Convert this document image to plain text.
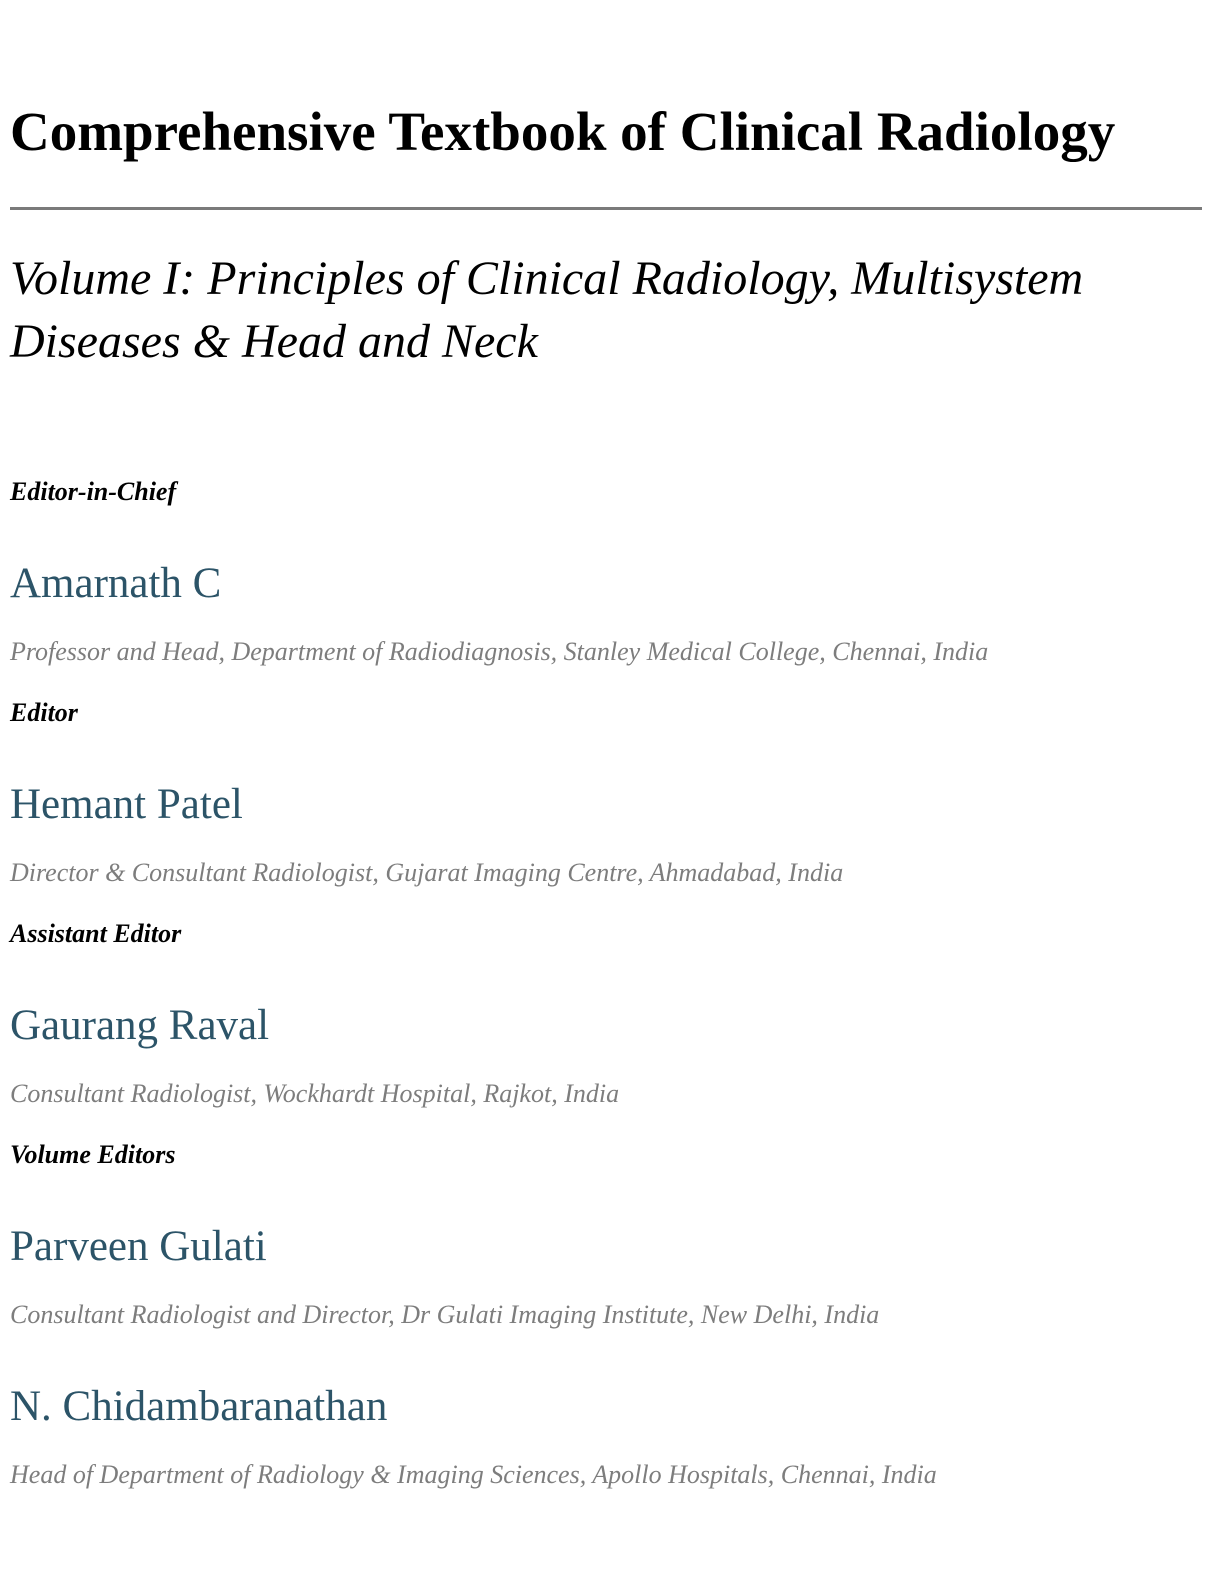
Comprehensive Textbook of Clinical Radiology
Volume I: Principles of Clinical Radiology, Multisystem Diseases & Head and Neck
Editor-in-Chief
Amarnath C
Professor and Head, Department of Radiodiagnosis, Stanley Medical College, Chennai, India
Editor
Hemant Patel
Director & Consultant Radiologist, Gujarat Imaging Centre, Ahmadabad, India
Assistant Editor
Gaurang Raval
Consultant Radiologist, Wockhardt Hospital, Rajkot, India
Volume Editors
Parveen Gulati
Consultant Radiologist and Director, Dr Gulati Imaging Institute, New Delhi, India
N. Chidambaranathan
Head of Department of Radiology & Imaging Sciences, Apollo Hospitals, Chennai, India
